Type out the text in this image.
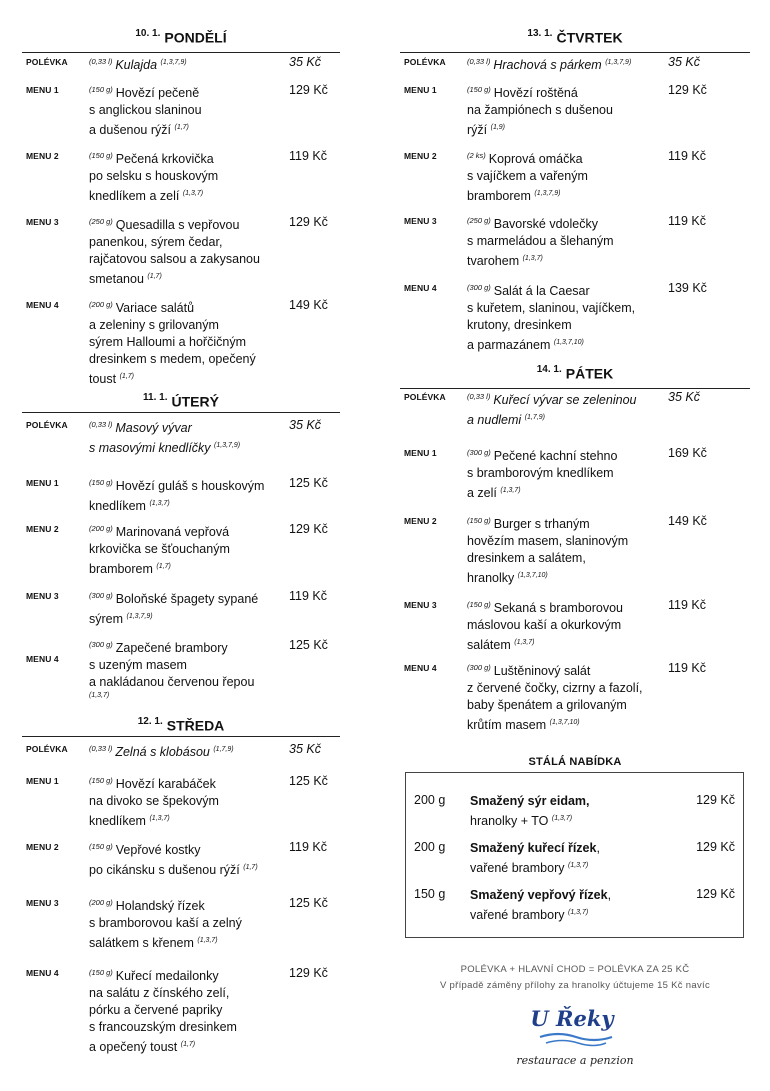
$^{10. 1.}$ PONDĚLÍ
POLÉVKA	$^{(0,33 l)}$ Kulajda $^{(1,3,7,9)}$	35 Kč
MENU 1	$^{(150 g)}$ Hovězí pečeně
s anglickou slaninou
a dušenou rýží $^{(1,7)}$
129 Kč
MENU 2	$^{(150 g)}$ Pečená krkovička
po selsku s houskovým
knedlíkem a zelí $^{(1,3,7)}$
119 Kč
MENU 3	$^{(250 g)}$ Quesadilla s vepřovou
panenkou, sýrem čedar,
rajčatovou salsou a zakysanou
smetanou $^{(1,7)}$
129 Kč
MENU 4	$^{(200 g)}$ Variace salátů
a zeleniny s grilovaným
sýrem Halloumi a hořčičným
dresinkem s medem, opečený
toust $^{(1,7)}$
149 Kč
$^{11. 1.}$ ÚTERÝ
POLÉVKA	$^{(0,33 l)}$ Masový vývar
s masovými knedlíčky $^{(1,3,7,9)}$
35 Kč
MENU 1	$^{(150 g)}$ Hovězí guláš s houskovým
knedlíkem $^{(1,3,7)}$
125 Kč
MENU 2	$^{(200 g)}$ Marinovaná vepřová
krkovička se šťouchaným
bramborem $^{(1,7)}$
129 Kč
MENU 3	$^{(300 g)}$ Boloňské špagety sypané
sýrem $^{(1,3,7,9)}$
119 Kč
MENU 4
$^{(300 g)}$ Zapečené brambory
s uzeným masem
a nakládanou červenou řepou
$^{(1,3,7)}$
125 Kč
$^{12. 1.}$ STŘEDA
POLÉVKA	$^{(0,33 l)}$ Zelná s klobásou $^{(1,7,9)}$	35 Kč
MENU 1	$^{(150 g)}$ Hovězí karabáček
na divoko se špekovým
knedlíkem $^{(1,3,7)}$
125 Kč
MENU 2	$^{(150 g)}$ Vepřové kostky
po cikánsku s dušenou rýží $^{(1,7)}$
119 Kč
MENU 3	$^{(200 g)}$ Holandský řízek
s bramborovou kaší a zelný
salátkem s křenem $^{(1,3,7)}$
125 Kč
MENU 4	$^{(150 g)}$ Kuřecí medailonky
na salátu z čínského zelí,
pórku a červené papriky
s francouzským dresinkem
a opečený toust $^{(1,7)}$
129 Kč
$^{13. 1.}$ ČTVRTEK
POLÉVKA	$^{(0,33 l)}$ Hrachová s párkem $^{(1,3,7,9)}$	35 Kč
MENU 1	$^{(150 g)}$ Hovězí roštěná
na žampiónech s dušenou
rýží $^{(1,9)}$
129 Kč
MENU 2	$^{(2 ks)}$ Koprová omáčka
s vajíčkem a vařeným
bramborem $^{(1,3,7,9)}$
119 Kč
MENU 3	$^{(250 g)}$ Bavorské vdolečky
s marmeládou a šlehaným
tvarohem $^{(1,3,7)}$
119 Kč
MENU 4	$^{(300 g)}$ Salát á la Caesar
s kuřetem, slaninou, vajíčkem,
krutony, dresinkem
a parmazánem $^{(1,3,7,10)}$
139 Kč
$^{14. 1.}$ PÁTEK
POLÉVKA	$^{(0,33 l)}$ Kuřecí vývar se zeleninou
a nudlemi $^{(1,7,9)}$
35 Kč
MENU 1	$^{(300 g)}$ Pečené kachní stehno
s bramborovým knedlíkem
a zelí $^{(1,3,7)}$
169 Kč
MENU 2	$^{(150 g)}$ Burger s trhaným
hovězím masem, slaninovým
dresinkem a salátem,
hranolky $^{(1,3,7,10)}$
149 Kč
MENU 3	$^{(150 g)}$ Sekaná s bramborovou
máslovou kaší a okurkovým
salátem $^{(1,3,7)}$
119 Kč
MENU 4	$^{(300 g)}$ Luštěninový salát
z červené čočky, cizrny a fazolí,
baby špenátem a grilovaným
krůtím masem $^{(1,3,7,10)}$
119 Kč
STÁLÁ NABÍDKA
200 g Smažený sýr eidam,
hranolky + TO $^{(1,3,7)}$
129 Kč
200 g Smažený kuřecí řízek,
vařené brambory $^{(1,3,7)}$
129 Kč
150 g Smažený vepřový řízek,
vařené brambory $^{(1,3,7)}$
129 Kč
POLÉVKA + HLAVNÍ CHOD = POLÉVKA ZA 25 KČ
V případě záměny přílohy za hranolky účtujeme 15 Kč navíc
U Řeky
restaurace a penzion
